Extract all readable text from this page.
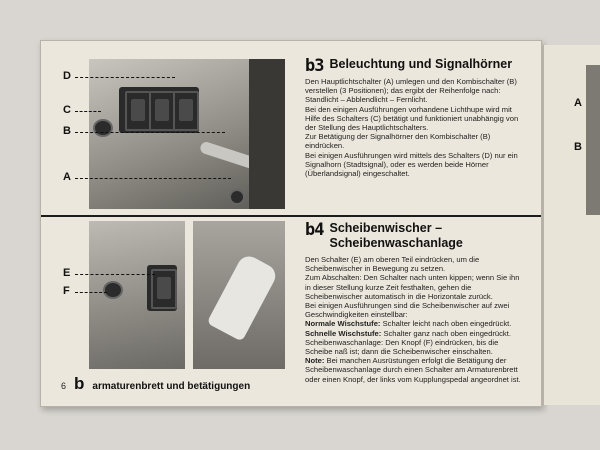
D
C
B
A
b3 Beleuchtung und Signalhörner

Den Hauptlichtschalter (A) umlegen und den Kombischalter (B) verstellen (3 Positionen); das ergibt der Reihenfolge nach: Standlicht – Abblendlicht – Fernlicht.

Bei den einigen Ausführungen vorhandene Lichthupe wird mit Hilfe des Schalters (C) betätigt und funktioniert unabhängig von der Stellung des Hauptlichtschalters.

Zur Betätigung der Signalhörner den Kombischalter (B) eindrücken.

Bei einigen Ausführungen wird mittels des Schalters (D) nur ein Signalhorn (Stadtsignal), oder es werden beide Hörner (Überlandsignal) eingeschaltet.

E
F
b4 Scheibenwischer –
Scheibenwaschanlage

Den Schalter (E) am oberen Teil eindrücken, um die Scheibenwischer in Bewegung zu setzen.

Zum Abschalten: Den Schalter nach unten kippen; wenn Sie ihn in dieser Stellung kurze Zeit festhalten, gehen die Scheibenwischer automatisch in die Horizontale zurück.

Bei einigen Ausführungen sind die Scheibenwischer auf zwei Geschwindigkeiten einstellbar:

Normale Wischstufe: Schalter leicht nach oben eingedrückt.

Schnelle Wischstufe: Schalter ganz nach oben eingedrückt.

Scheibenwaschanlage: Den Knopf (F) eindrücken, bis die Scheibe naß ist; dann die Scheibenwischer einschalten.

Note: Bei manchen Ausrüstungen erfolgt die Betätigung der Scheibenwaschanlage durch einen Schalter am Armaturenbrett oder einen Knopf, der links vom Kupplungspedal angeordnet ist.

6 b armaturenbrett und betätigungen
A
B
